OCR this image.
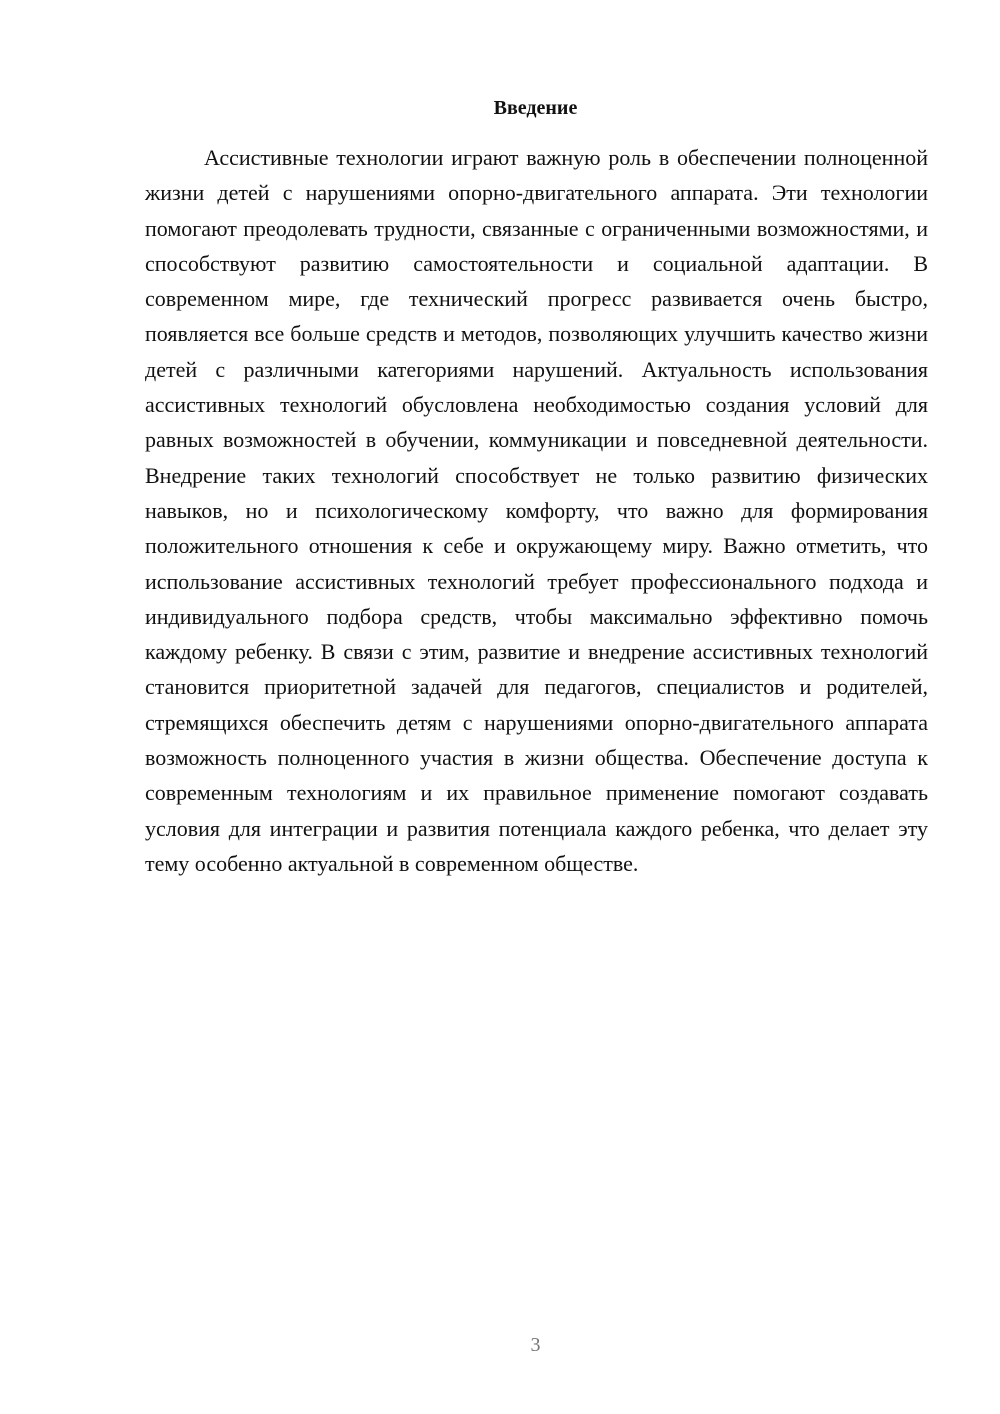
Введение

Ассистивные технологии играют важную роль в обеспечении полноценной жизни детей с нарушениями опорно-двигательного аппарата. Эти технологии помогают преодолевать трудности, связанные с ограниченными возможностями, и способствуют развитию самостоятельности и социальной адаптации. В современном мире, где технический прогресс развивается очень быстро, появляется все больше средств и методов, позволяющих улучшить качество жизни детей с различными категориями нарушений. Актуальность использования ассистивных технологий обусловлена необходимостью создания условий для равных возможностей в обучении, коммуникации и повседневной деятельности. Внедрение таких технологий способствует не только развитию физических навыков, но и психологическому комфорту, что важно для формирования положительного отношения к себе и окружающему миру. Важно отметить, что использование ассистивных технологий требует профессионального подхода и индивидуального подбора средств, чтобы максимально эффективно помочь каждому ребенку. В связи с этим, развитие и внедрение ассистивных технологий становится приоритетной задачей для педагогов, специалистов и родителей, стремящихся обеспечить детям с нарушениями опорно-двигательного аппарата возможность полноценного участия в жизни общества. Обеспечение доступа к современным технологиям и их правильное применение помогают создавать условия для интеграции и развития потенциала каждого ребенка, что делает эту тему особенно актуальной в современном обществе.

3
